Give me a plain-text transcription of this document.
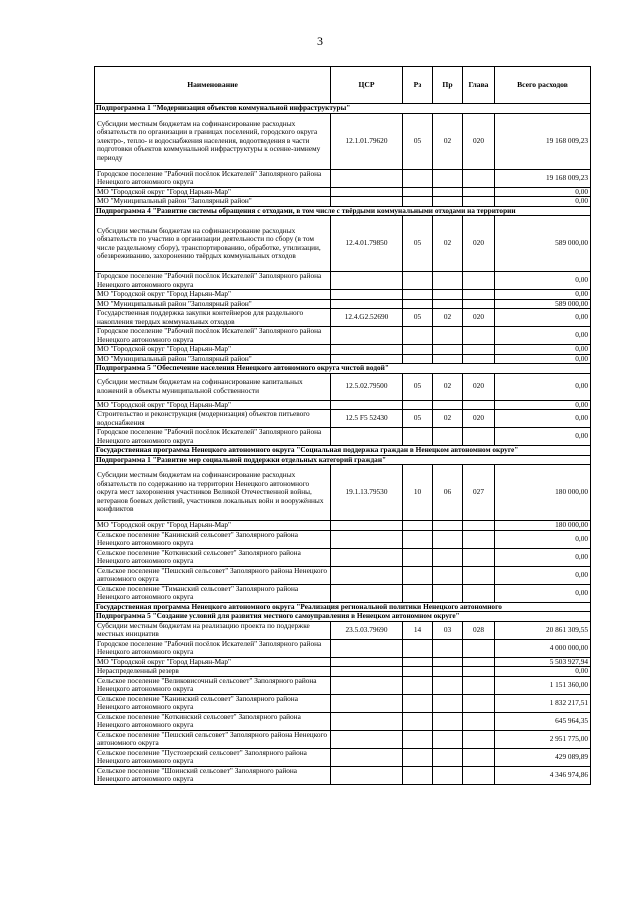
3
Наименование	ЦСР	Рз	Пр	Глава	Всего расходов
Подпрограмма 1 "Модернизация объектов коммунальной инфраструктуры"					
Субсидии местным бюджетам на софинансирование расходных обязательств по организации в границах поселений, городского округа электро-, тепло- и водоснабжения населения, водоотведения в части подготовки объектов коммунальной инфраструктуры к осенне-зимнему периоду	12.1.01.79620	05	02	020	19 168 009,23
Городское поселение "Рабочий посёлок Искателей" Заполярного района Ненецкого автономного округа					19 168 009,23
МО "Городской округ "Город Нарьян-Мар"					0,00
МО "Муниципальный район "Заполярный район"					0,00
Подпрограмма 4 "Развитие системы обращения с отходами, в том числе с твёрдыми коммунальными отходами на территории					
Субсидии местным бюджетам на софинансирование расходных обязательств по участию в организации деятельности по сбору (в том числе раздельному сбору), транспортированию, обработке, утилизации, обезвреживанию, захоронению твёрдых коммунальных отходов	12.4.01.79850	05	02	020	589 000,00
Городское поселение "Рабочий посёлок Искателей" Заполярного района Ненецкого автономного округа					0,00
МО "Городской округ "Город Нарьян-Мар"					0,00
МО "Муниципальный район "Заполярный район"					589 000,00
Государственная поддержка закупки контейнеров для раздельного накопления твердых коммунальных отходов	12.4.G2.52690	05	02	020	0,00
Городское поселение "Рабочий посёлок Искателей" Заполярного района Ненецкого автономного округа					0,00
МО "Городской округ "Город Нарьян-Мар"					0,00
МО "Муниципальный район "Заполярный район"					0,00
Подпрограмма 5 "Обеспечение населения Ненецкого автономного округа чистой водой"					
Субсидии местным бюджетам на софинансирование капитальных вложений в объекты муниципальной собственности	12.5.02.79500	05	02	020	0,00
МО "Городской округ "Город Нарьян-Мар"					0,00
Строительство и реконструкция (модернизация) объектов питьевого водоснабжения	12.5 F5 52430	05	02	020	0,00
Городское поселение "Рабочий посёлок Искателей" Заполярного района Ненецкого автономного округа					0,00
Государственная программа Ненецкого автономного округа "Социальная поддержка граждан в Ненецком автономном округе"					
Подпрограмма 1 "Развитие мер социальной поддержки отдельных категорий граждан"					
Субсидии местным бюджетам на софинансирование расходных обязательств по содержанию на территории Ненецкого автономного округа мест захоронения участников Великой Отечественной войны, ветеранов боевых действий, участников локальных войн и вооружённых конфликтов	19.1.13.79530	10	06	027	180 000,00
МО "Городской округ "Город Нарьян-Мар"					180 000,00
Сельское поселение "Канинский сельсовет" Заполярного района Ненецкого автономного округа					0,00
Сельское поселение "Коткинский сельсовет" Заполярного района Ненецкого автономного округа					0,00
Сельское поселение "Пешский сельсовет" Заполярного района Ненецкого автономного округа					0,00
Сельское поселение "Тиманский сельсовет" Заполярного района Ненецкого автономного округа					0,00
Государственная программа Ненецкого автономного округа "Реализация региональной политики Ненецкого автономного					
Подпрограмма 5 "Создание условий для развития местного самоуправления в Ненецком автономном округе"					
Субсидии местным бюджетам на реализацию проекта по поддержке местных инициатив	23.5.03.79690	14	03	028	20 861 309,55
Городское поселение "Рабочий посёлок Искателей" Заполярного района Ненецкого автономного округа					4 000 000,00
МО "Городской округ "Город Нарьян-Мар"					5 503 927,94
Нераспределенный резерв					0,00
Сельское поселение "Великовисочный сельсовет" Заполярного района Ненецкого автономного округа					1 151 360,00
Сельское поселение "Канинский сельсовет" Заполярного района Ненецкого автономного округа					1 832 217,51
Сельское поселение "Коткинский сельсовет" Заполярного района Ненецкого автономного округа					645 964,35
Сельское поселение "Пешский сельсовет" Заполярного района Ненецкого автономного округа					2 951 775,00
Сельское поселение "Пустозерский сельсовет" Заполярного района Ненецкого автономного округа					429 089,89
Сельское поселение "Шоинский сельсовет" Заполярного района Ненецкого автономного округа					4 346 974,86
